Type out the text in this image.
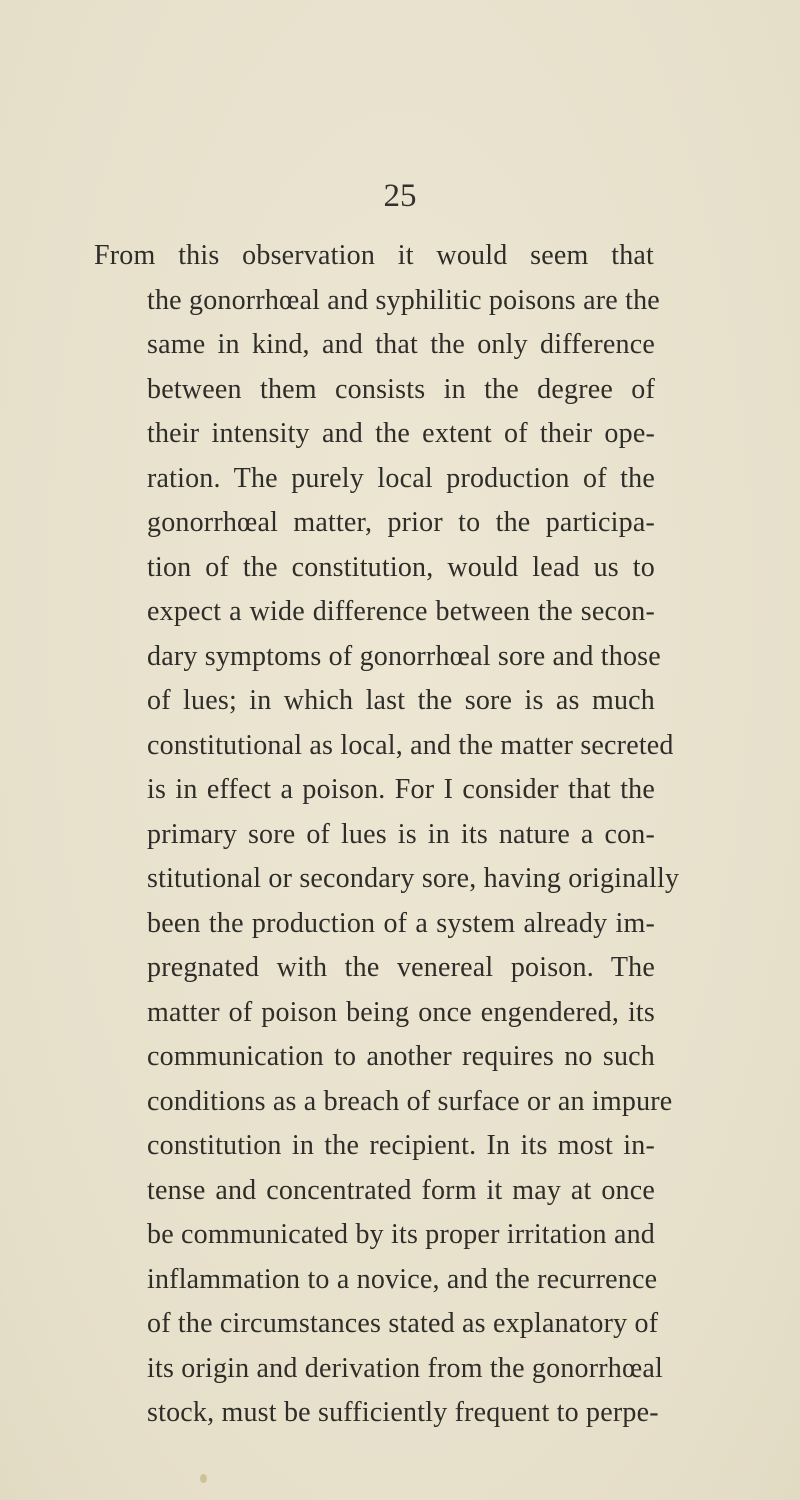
25
From this observation it would seem that
the gonorrhœal and syphilitic poisons are the
same in kind, and that the only difference
between them consists in the degree of
their intensity and the extent of their ope-
ration. The purely local production of the
gonorrhœal matter, prior to the participa-
tion of the constitution, would lead us to
expect a wide difference between the secon-
dary symptoms of gonorrhœal sore and those
of lues; in which last the sore is as much
constitutional as local, and the matter secreted
is in effect a poison. For I consider that the
primary sore of lues is in its nature a con-
stitutional or secondary sore, having originally
been the production of a system already im-
pregnated with the venereal poison. The
matter of poison being once engendered, its
communication to another requires no such
conditions as a breach of surface or an impure
constitution in the recipient. In its most in-
tense and concentrated form it may at once
be communicated by its proper irritation and
inflammation to a novice, and the recurrence
of the circumstances stated as explanatory of
its origin and derivation from the gonorrhœal
stock, must be sufficiently frequent to perpe-
